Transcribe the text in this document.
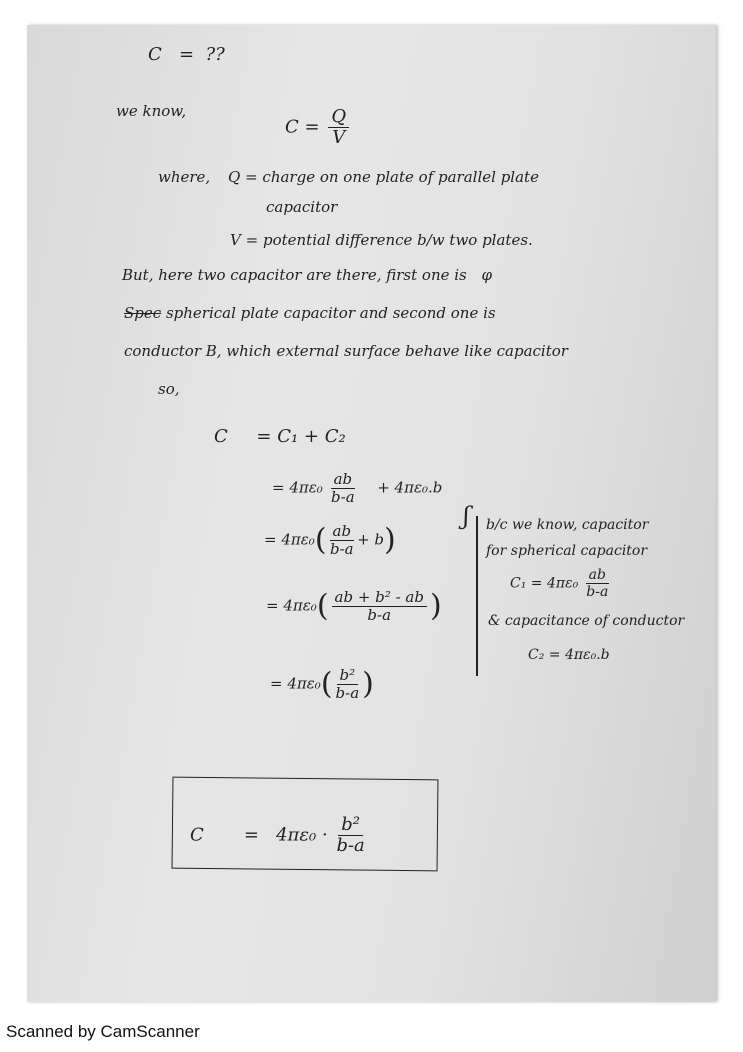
C = ??
we know,
$C = \frac{Q}{V}$
where, Q = charge on one plate of parallel plate
capacitor
V = potential difference b/w two plates.
But, here two capacitor are there, first one is φ
Spec spherical plate capacitor and second one is
conductor B, which external surface behave like capacitor
so,
C = C₁ + C₂
= $4\pi\varepsilon_0 \frac{ab}{b-a} + 4\pi\varepsilon_0.b$
= $4\pi\varepsilon_0( \frac{ab}{b-a} + b)$
= $4\pi\varepsilon_0( \frac{\text{ab + b² - ab}}{b-a}$ )
= $4\pi\varepsilon_0( \frac{\text{b²}}{b-a}$ )
ʃ b/c we know, capacitor
for spherical capacitor
$C_1 = 4\pi\varepsilon_0 \frac{ab}{b-a}$
& capacitance of conductor
C₂ = 4πε₀.b
$C = 4\pi\varepsilon_0 \cdot \frac{\text{b²}}{b-a}$
Scanned by CamScanner
